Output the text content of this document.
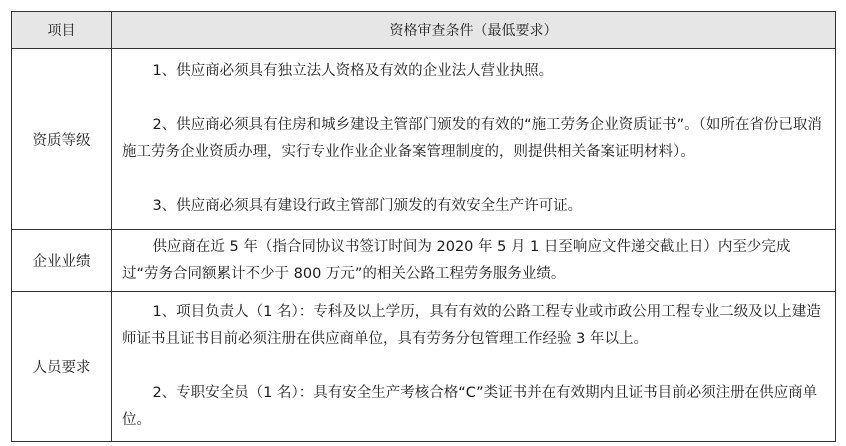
项目	资格审查条件（最低要求）
资质等级	1、供应商必须具有独立法人资格及有效的企业法人营业执照。

2、供应商必须具有住房和城乡建设主管部门颁发的有效的“施工劳务企业资质证书”。（如所在省份已取消施工劳务企业资质办理，实行专业作业企业备案管理制度的，则提供相关备案证明材料）。

3、供应商必须具有建设行政主管部门颁发的有效安全生产许可证。

企业业绩	供应商在近 5 年（指合同协议书签订时间为 2020 年 5 月 1 日至响应文件递交截止日）内至少完成过“劳务合同额累计不少于 800 万元”的相关公路工程劳务服务业绩。

人员要求	1、项目负责人（1 名）：专科及以上学历，具有有效的公路工程专业或市政公用工程专业二级及以上建造师证书且证书目前必须注册在供应商单位，具有劳务分包管理工作经验 3 年以上。

2、专职安全员（1 名）：具有安全生产考核合格“C”类证书并在有效期内且证书目前必须注册在供应商单位。
